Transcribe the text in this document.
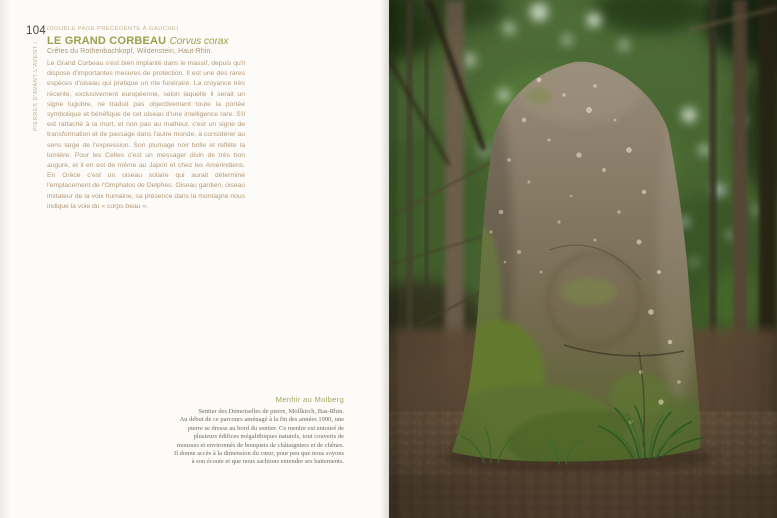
104
PIERRES D'AVANT L'AVENT /
(DOUBLE PAGE PRÉCÉDENTE À GAUCHE)
LE GRAND CORBEAU Corvus corax
Crêtes du Rothenbachkopf, Wildenstein, Haut-Rhin.

Le Grand Corbeau s'est bien implanté dans le massif, depuis qu'il dispose d'importantes mesures de protection. Il est une des rares espèces d'oiseau qui pratique un rite funéraire. La croyance très récente, exclusivement européenne, selon laquelle il serait un signe lugubre, ne traduit pas objectivement toute la portée symbolique et bénéfique de cet oiseau d'une intelligence rare. S'il est rattaché à la mort, et non pas au malheur, c'est un signe de transformation et de passage dans l'autre monde, à considérer au sens large de l'expression. Son plumage noir brille et reflète la lumière. Pour les Celtes c'est un messager divin de très bon augure, et il en est de même au Japon et chez les Amérindiens. En Grèce c'est un oiseau solaire qui aurait déterminé l'emplacement de l'Omphalos de Delphes. Oiseau gardien, oiseau imitateur de la voix humaine, sa présence dans la montagne nous indique la voie du « corps beau ».

Menhir au Molberg
Sentier des Demoiselles de pierre, Mollkirch, Bas-Rhin.

Au début de ce parcours aménagé à la fin des années 1990, une pierre se dresse au bord du sentier. Ce menhir est entouré de plusieurs édifices mégalithiques naturels, tout couverts de mousses et environnés de bouquets de châtaigniers et de chênes. Il donne accès à la dimension du cœur, pour peu que nous soyons à son écoute et que nous sachions entendre ses battements.
